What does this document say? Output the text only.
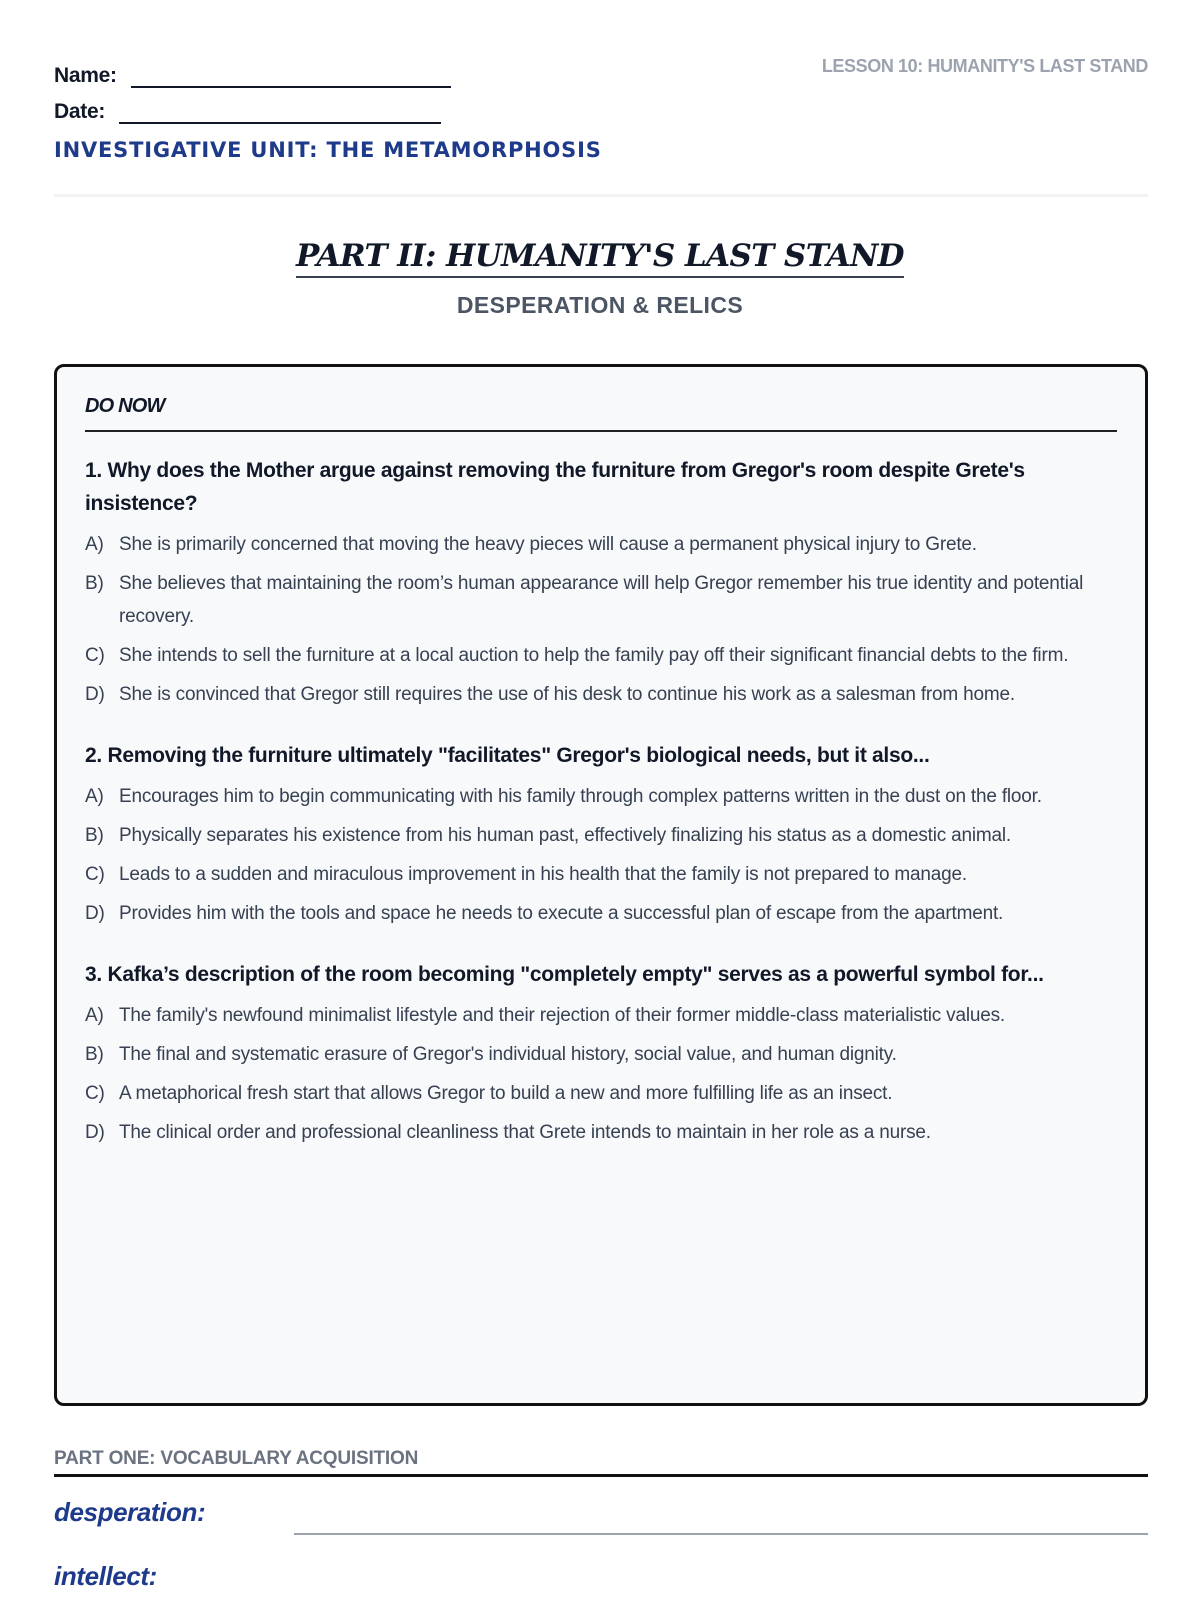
Name:
Date:
INVESTIGATIVE UNIT: THE METAMORPHOSIS
LESSON 10: HUMANITY'S LAST STAND
PART II: HUMANITY'S LAST STAND
DESPERATION & RELICS
DO NOW
1. Why does the Mother argue against removing the furniture from Gregor's room despite Grete's insistence?
A) She is primarily concerned that moving the heavy pieces will cause a permanent physical injury to Grete.
B) She believes that maintaining the room’s human appearance will help Gregor remember his true identity and potential recovery.
C) She intends to sell the furniture at a local auction to help the family pay off their significant financial debts to the firm.
D) She is convinced that Gregor still requires the use of his desk to continue his work as a salesman from home.
2. Removing the furniture ultimately "facilitates" Gregor's biological needs, but it also...
A) Encourages him to begin communicating with his family through complex patterns written in the dust on the floor.
B) Physically separates his existence from his human past, effectively finalizing his status as a domestic animal.
C) Leads to a sudden and miraculous improvement in his health that the family is not prepared to manage.
D) Provides him with the tools and space he needs to execute a successful plan of escape from the apartment.
3. Kafka’s description of the room becoming "completely empty" serves as a powerful symbol for...
A) The family's newfound minimalist lifestyle and their rejection of their former middle-class materialistic values.
B) The final and systematic erasure of Gregor's individual history, social value, and human dignity.
C) A metaphorical fresh start that allows Gregor to build a new and more fulfilling life as an insect.
D) The clinical order and professional cleanliness that Grete intends to maintain in her role as a nurse.
PART ONE: VOCABULARY ACQUISITION
desperation:
intellect:
